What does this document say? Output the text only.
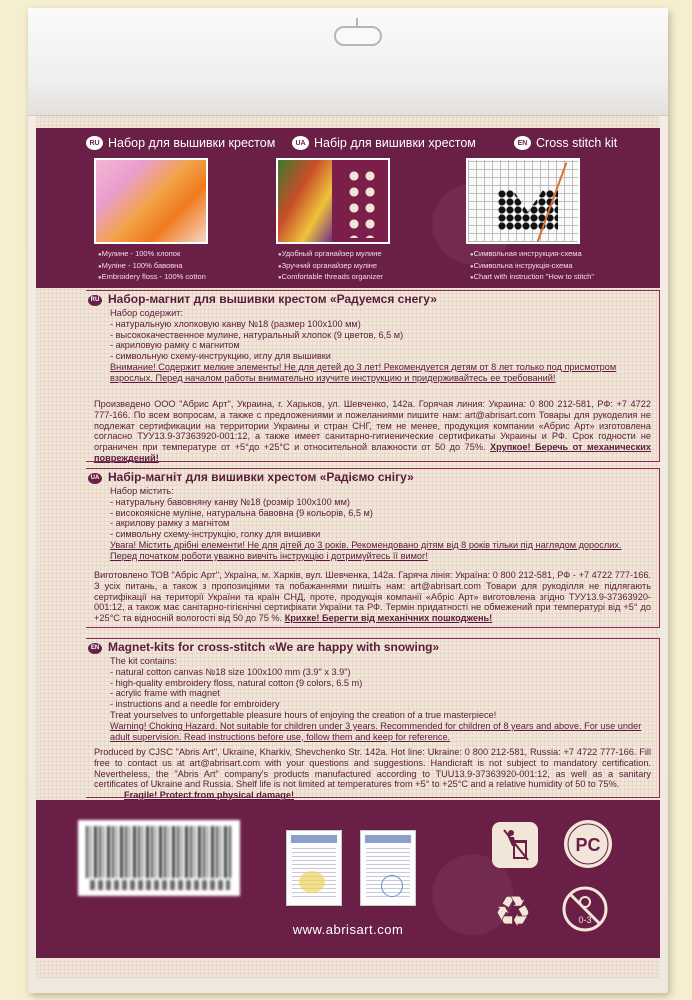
RU Набор для вышивки крестом	UA Набір для вишивки хрестом	EN Cross stitch kit
● Мулине - 100% хлопок
● Муліне - 100% бавовна
● Embroidery floss - 100% cotton
● Удобный органайзер мулине
● Зручний органайзер муліне
● Comfortable threads organizer
● Символьная инструкция-схема
● Символьна інструкція-схема
● Chart with instruction "How to stitch"
RU Набор-магнит для вышивки крестом «Радуемся снегу»
Набор содержит:
- натуральную хлопковую канву №18 (размер 100х100 мм)
- высококачественное мулине, натуральный хлопок (9 цветов, 6,5 м)
- акриловую рамку с магнитом
- символьную схему-инструкцию, иглу для вышивки
Внимание! Содержит мелкие элементы! Не для детей до 3 лет! Рекомендуется детям от 8 лет только под присмотром взрослых. Перед началом работы внимательно изучите инструкцию и придерживайтесь ее требований!
Произведено ООО "Абрис Арт", Украина, г. Харьков, ул. Шевченко, 142а. Горячая линия: Украина: 0 800 212-581, РФ: +7 4722 777-166. По всем вопросам, а также с предложениями и пожеланиями пишите нам: art@abrisart.com Товары для рукоделия не подлежат сертификации на территории Украины и стран СНГ, тем не менее, продукция компании «Абрис Арт» изготовлена согласно ТУУ13.9-37363920-001:12, а также имеет санитарно-гигиенические сертификаты Украины и РФ. Срок годности не ограничен при температуре от +5°до +25°С и относительной влажности от 50 до 75%. Хрупкое! Беречь от механических повреждений!
UA Набір-магніт для вишивки хрестом «Радіємо снігу»
Набор містить:
- натуральну бавовняну канву №18 (розмір 100х100 мм)
- високоякісне муліне, натуральна бавовна (9 кольорів, 6,5 м)
- акрилову рамку з магнітом
- символьну схему-інструкцію, голку для вишивки
Увага! Містить дрібні елементи! Не для дітей до 3 років. Рекомендовано дітям від 8 років тільки під наглядом дорослих. Перед початком роботи уважно вивчіть інструкцію і дотримуйтесь її вимог!
Виготовлено ТОВ "Абріс Арт", Україна, м. Харків, вул. Шевченка, 142а. Гаряча лінія: Україна: 0 800 212-581, РФ - +7 4722 777-166. З усіх питань, а також з пропозиціями та побажаннями пишіть нам: art@abrisart.com Товари для рукоділля не підлягають сертифікації на території України та країн СНД, проте, продукція компанії «Абріс Арт» виготовлена згідно ТУУ13.9-37363920-001:12, а також має санітарно-гігієнічні сертифікати України та РФ. Термін придатності не обмежений при температурі від +5° до +25°С та відносній вологості від 50 до 75 %. Крихке! Берегти від механічних пошкоджень!
EN Magnet-kits for cross-stitch «We are happy with snowing»
The kit contains:
- natural cotton canvas №18 size 100x100 mm (3.9" x 3.9")
- high-quality embroidery floss, natural cotton (9 colors, 6.5 m)
- acrylic frame with magnet
- instructions and a needle for embroidery
Treat yourselves to unforgettable pleasure hours of enjoying the creation of a true masterpiece!
Warning! Choking Hazard. Not suitable for children under 3 years. Recommended for children of 8 years and above. For use under adult supervision. Read instructions before use, follow them and keep for reference.
Produced by CJSC "Abris Art", Ukraine, Kharkiv, Shevchenko Str. 142a. Hot line: Ukraine: 0 800 212-581, Russia: +7 4722 777-166. Fill free to contact us at art@abrisart.com with your questions and suggestions. Handicraft is not subject to mandatory certification. Nevertheless, the "Abris Art" company's products manufactured according to TUU13.9-37363920-001:12, as well as a sanitary certificates of Ukraine and Russia. Shelf life is not limited at temperatures from +5° to +25°C and a relative humidity of 50 to 75%.
Fragile! Protect from physical damage!
PC
♻	0-3
www.abrisart.com
